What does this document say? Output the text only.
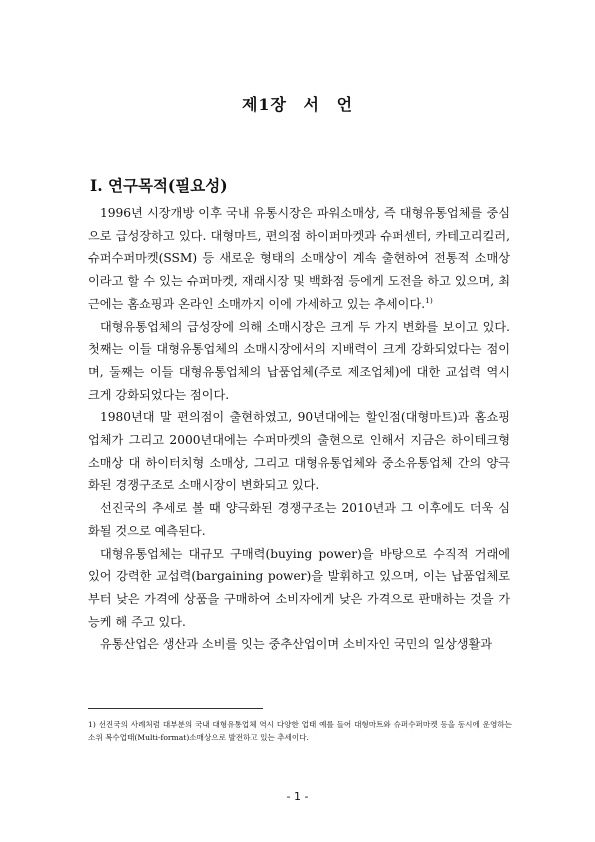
제1장 서 언
Ⅰ. 연구목적(필요성)

1996년 시장개방 이후 국내 유통시장은 파워소매상, 즉 대형유통업체를 중심으로 급성장하고 있다. 대형마트, 편의점 하이퍼마켓과 슈퍼센터, 카테고리킬러, 슈퍼수퍼마켓(SSM) 등 새로운 형태의 소매상이 계속 출현하여 전통적 소매상이라고 할 수 있는 슈퍼마켓, 재래시장 및 백화점 등에게 도전을 하고 있으며, 최근에는 홈쇼핑과 온라인 소매까지 이에 가세하고 있는 추세이다.$^{1)}$

대형유통업체의 급성장에 의해 소매시장은 크게 두 가지 변화를 보이고 있다. 첫째는 이들 대형유통업체의 소매시장에서의 지배력이 크게 강화되었다는 점이며, 둘째는 이들 대형유통업체의 납품업체(주로 제조업체)에 대한 교섭력 역시 크게 강화되었다는 점이다.

1980년대 말 편의점이 출현하였고, 90년대에는 할인점(대형마트)과 홈쇼핑업체가 그리고 2000년대에는 수퍼마켓의 출현으로 인해서 지금은 하이테크형 소매상 대 하이터치형 소매상, 그리고 대형유통업체와 중소유통업체 간의 양극화된 경쟁구조로 소매시장이 변화되고 있다.

선진국의 추세로 볼 때 양극화된 경쟁구조는 2010년과 그 이후에도 더욱 심화될 것으로 예측된다.

대형유통업체는 대규모 구매력(buying power)을 바탕으로 수직적 거래에 있어 강력한 교섭력(bargaining power)을 발휘하고 있으며, 이는 납품업체로부터 낮은 가격에 상품을 구매하여 소비자에게 낮은 가격으로 판매하는 것을 가능케 해 주고 있다.

유통산업은 생산과 소비를 잇는 중추산업이며 소비자인 국민의 일상생활과

1) 선진국의 사례처럼 대부분의 국내 대형유통업체 역시 다양한 업태 예를 들어 대형마트와 슈퍼수퍼마켓 등을 동시에 운영하는 소위 복수업태(Multi-format)소매상으로 발전하고 있는 추세이다.
- 1 -
